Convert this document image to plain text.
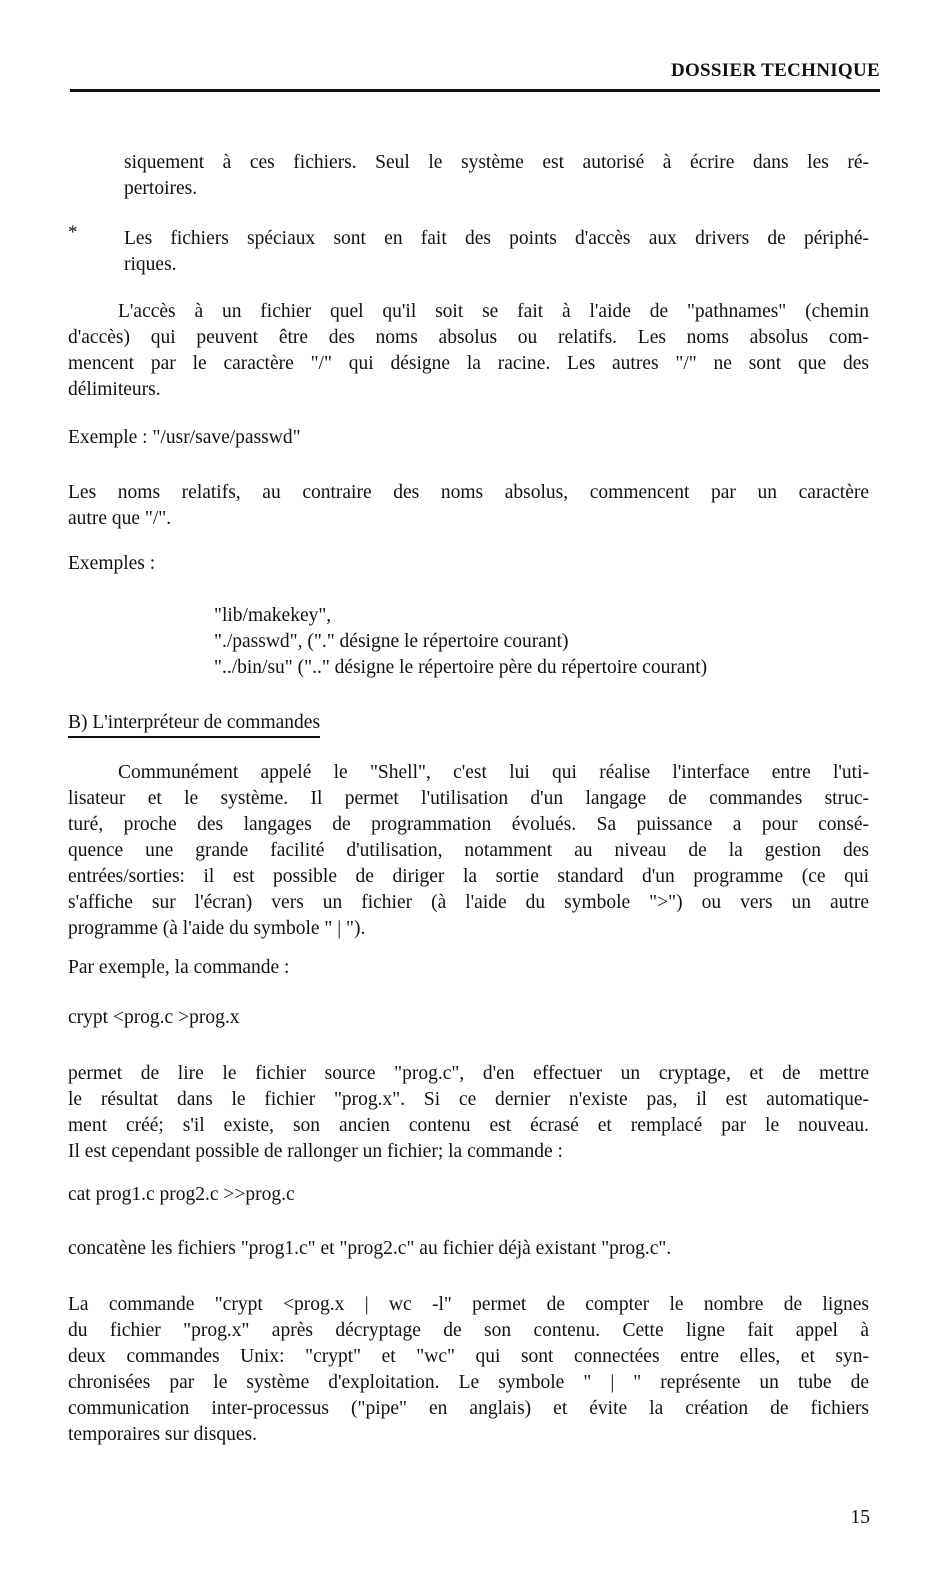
DOSSIER TECHNIQUE
siquement à ces fichiers. Seul le système est autorisé à écrire dans les ré-
pertoires.
* Les fichiers spéciaux sont en fait des points d'accès aux drivers de périphé-
riques.
L'accès à un fichier quel qu'il soit se fait à l'aide de "pathnames" (chemin
d'accès) qui peuvent être des noms absolus ou relatifs. Les noms absolus com-
mencent par le caractère "/" qui désigne la racine. Les autres "/" ne sont que des
délimiteurs.
Exemple : "/usr/save/passwd"
Les noms relatifs, au contraire des noms absolus, commencent par un caractère
autre que "/".
Exemples :
"lib/makekey",
"./passwd", ("." désigne le répertoire courant)
"../bin/su" (".." désigne le répertoire père du répertoire courant)
B) L'interpréteur de commandes
Communément appelé le "Shell", c'est lui qui réalise l'interface entre l'uti-
lisateur et le système. Il permet l'utilisation d'un langage de commandes struc-
turé, proche des langages de programmation évolués. Sa puissance a pour consé-
quence une grande facilité d'utilisation, notamment au niveau de la gestion des
entrées/sorties: il est possible de diriger la sortie standard d'un programme (ce qui
s'affiche sur l'écran) vers un fichier (à l'aide du symbole ">") ou vers un autre
programme (à l'aide du symbole " | ").
Par exemple, la commande :
crypt <prog.c >prog.x
permet de lire le fichier source "prog.c", d'en effectuer un cryptage, et de mettre
le résultat dans le fichier "prog.x". Si ce dernier n'existe pas, il est automatique-
ment créé; s'il existe, son ancien contenu est écrasé et remplacé par le nouveau.
Il est cependant possible de rallonger un fichier; la commande :
cat prog1.c prog2.c >>prog.c
concatène les fichiers "prog1.c" et "prog2.c" au fichier déjà existant "prog.c".
La commande "crypt <prog.x | wc -l" permet de compter le nombre de lignes
du fichier "prog.x" après décryptage de son contenu. Cette ligne fait appel à
deux commandes Unix: "crypt" et "wc" qui sont connectées entre elles, et syn-
chronisées par le système d'exploitation. Le symbole " | " représente un tube de
communication inter-processus ("pipe" en anglais) et évite la création de fichiers
temporaires sur disques.
15
